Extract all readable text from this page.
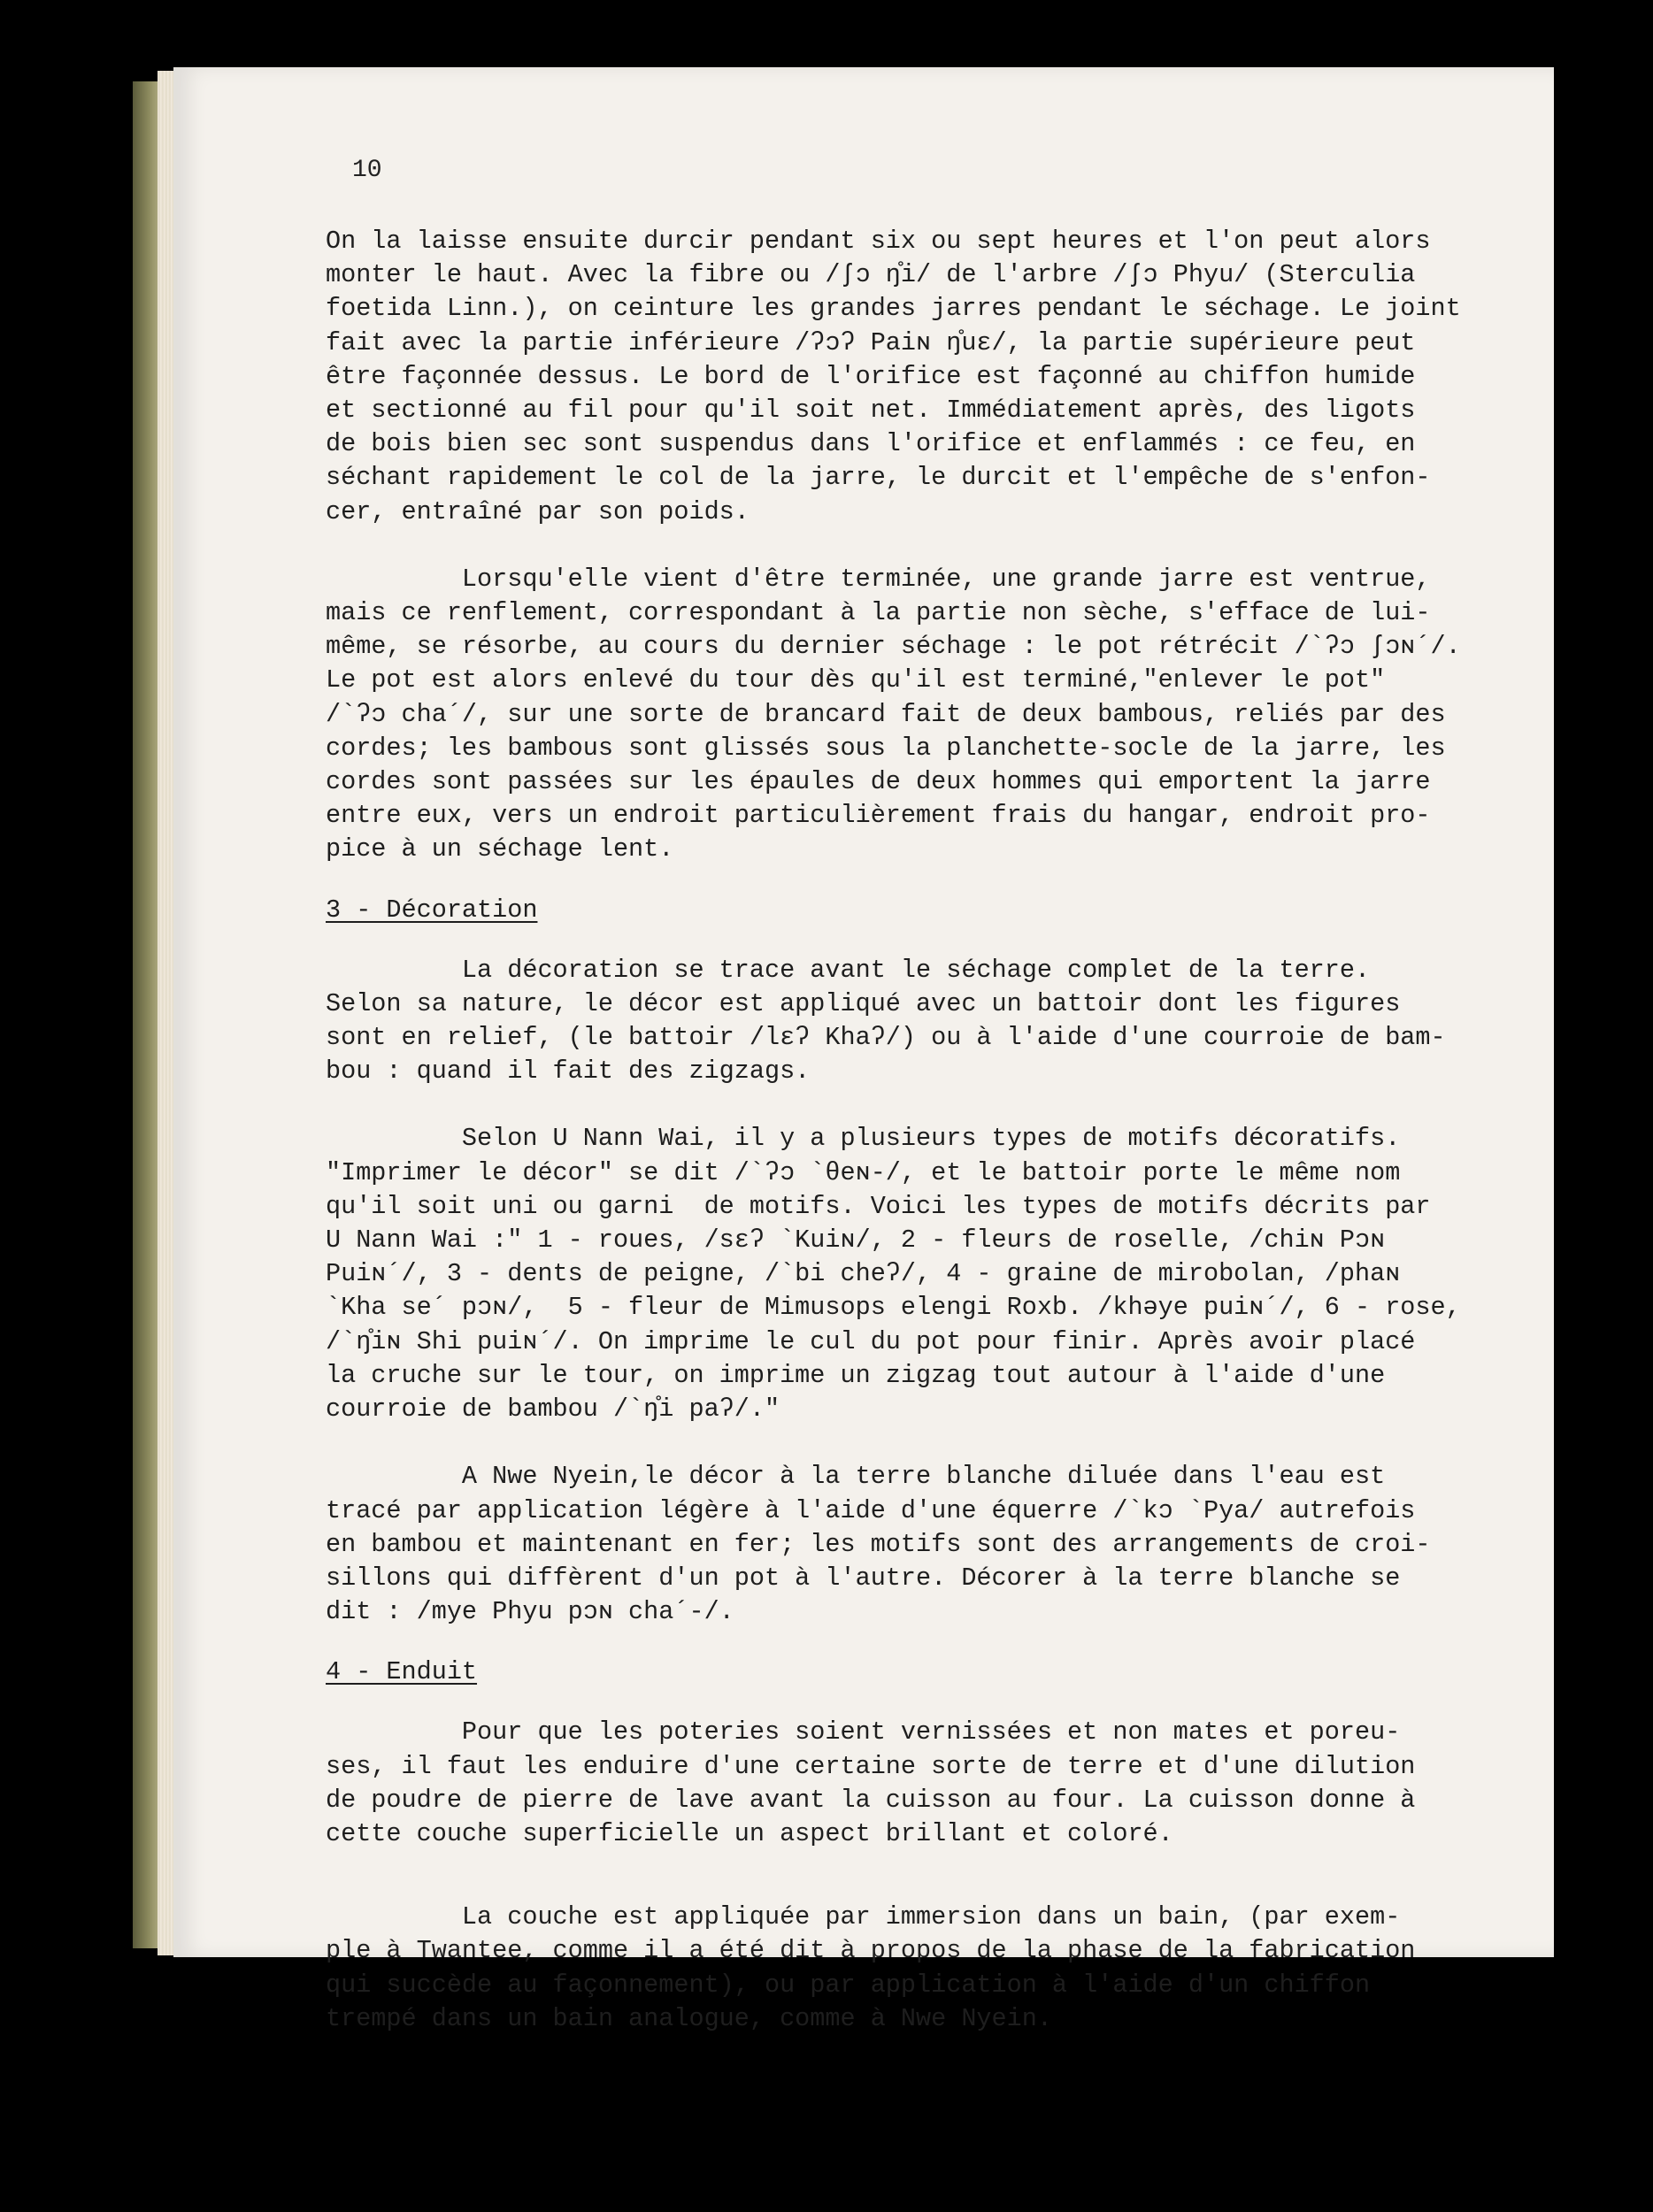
10
On la laisse ensuite durcir pendant six ou sept heures et l'on peut alors
monter le haut. Avec la fibre ou /ʃɔ ŋ̊i/ de l'arbre /ʃɔ Phyu/ (Sterculia
foetida Linn.), on ceinture les grandes jarres pendant le séchage. Le joint
fait avec la partie inférieure /ʔɔʔ Paiɴ ŋ̊uɛ/, la partie supérieure peut
être façonnée dessus. Le bord de l'orifice est façonné au chiffon humide
et sectionné au fil pour qu'il soit net. Immédiatement après, des ligots
de bois bien sec sont suspendus dans l'orifice et enflammés : ce feu, en
séchant rapidement le col de la jarre, le durcit et l'empêche de s'enfon-
cer, entraîné par son poids.
Lorsqu'elle vient d'être terminée, une grande jarre est ventrue,
mais ce renflement, correspondant à la partie non sèche, s'efface de lui-
même, se résorbe, au cours du dernier séchage : le pot rétrécit /`ʔɔ ʃɔɴ´/.
Le pot est alors enlevé du tour dès qu'il est terminé,"enlever le pot"
/`ʔɔ cha´/, sur une sorte de brancard fait de deux bambous, reliés par des
cordes; les bambous sont glissés sous la planchette-socle de la jarre, les
cordes sont passées sur les épaules de deux hommes qui emportent la jarre
entre eux, vers un endroit particulièrement frais du hangar, endroit pro-
pice à un séchage lent.
3 - Décoration
La décoration se trace avant le séchage complet de la terre.
Selon sa nature, le décor est appliqué avec un battoir dont les figures
sont en relief, (le battoir /lɛʔ Khaʔ/) ou à l'aide d'une courroie de bam-
bou : quand il fait des zigzags.
Selon U Nann Wai, il y a plusieurs types de motifs décoratifs.
"Imprimer le décor" se dit /`ʔɔ `θeɴ-/, et le battoir porte le même nom
qu'il soit uni ou garni  de motifs. Voici les types de motifs décrits par
U Nann Wai :" 1 - roues, /sɛʔ `Kuiɴ/, 2 - fleurs de roselle, /chiɴ Pɔɴ
Puiɴ´/, 3 - dents de peigne, /`bi cheʔ/, 4 - graine de mirobolan, /phaɴ
`Kha se´ pɔɴ/,  5 - fleur de Mimusops elengi Roxb. /khəye puiɴ´/, 6 - rose,
/`ŋ̊iɴ Shi puiɴ´/. On imprime le cul du pot pour finir. Après avoir placé
la cruche sur le tour, on imprime un zigzag tout autour à l'aide d'une
courroie de bambou /`ŋ̊i paʔ/."
A Nwe Nyein,le décor à la terre blanche diluée dans l'eau est
tracé par application légère à l'aide d'une équerre /`kɔ `Pya/ autrefois
en bambou et maintenant en fer; les motifs sont des arrangements de croi-
sillons qui diffèrent d'un pot à l'autre. Décorer à la terre blanche se
dit : /mye Phyu pɔɴ cha´-/.
4 - Enduit
Pour que les poteries soient vernissées et non mates et poreu-
ses, il faut les enduire d'une certaine sorte de terre et d'une dilution
de poudre de pierre de lave avant la cuisson au four. La cuisson donne à
cette couche superficielle un aspect brillant et coloré.
La couche est appliquée par immersion dans un bain, (par exem-
ple à Twantee, comme il a été dit à propos de la phase de la fabrication
qui succède au façonnement), ou par application à l'aide d'un chiffon
trempé dans un bain analogue, comme à Nwe Nyein.
